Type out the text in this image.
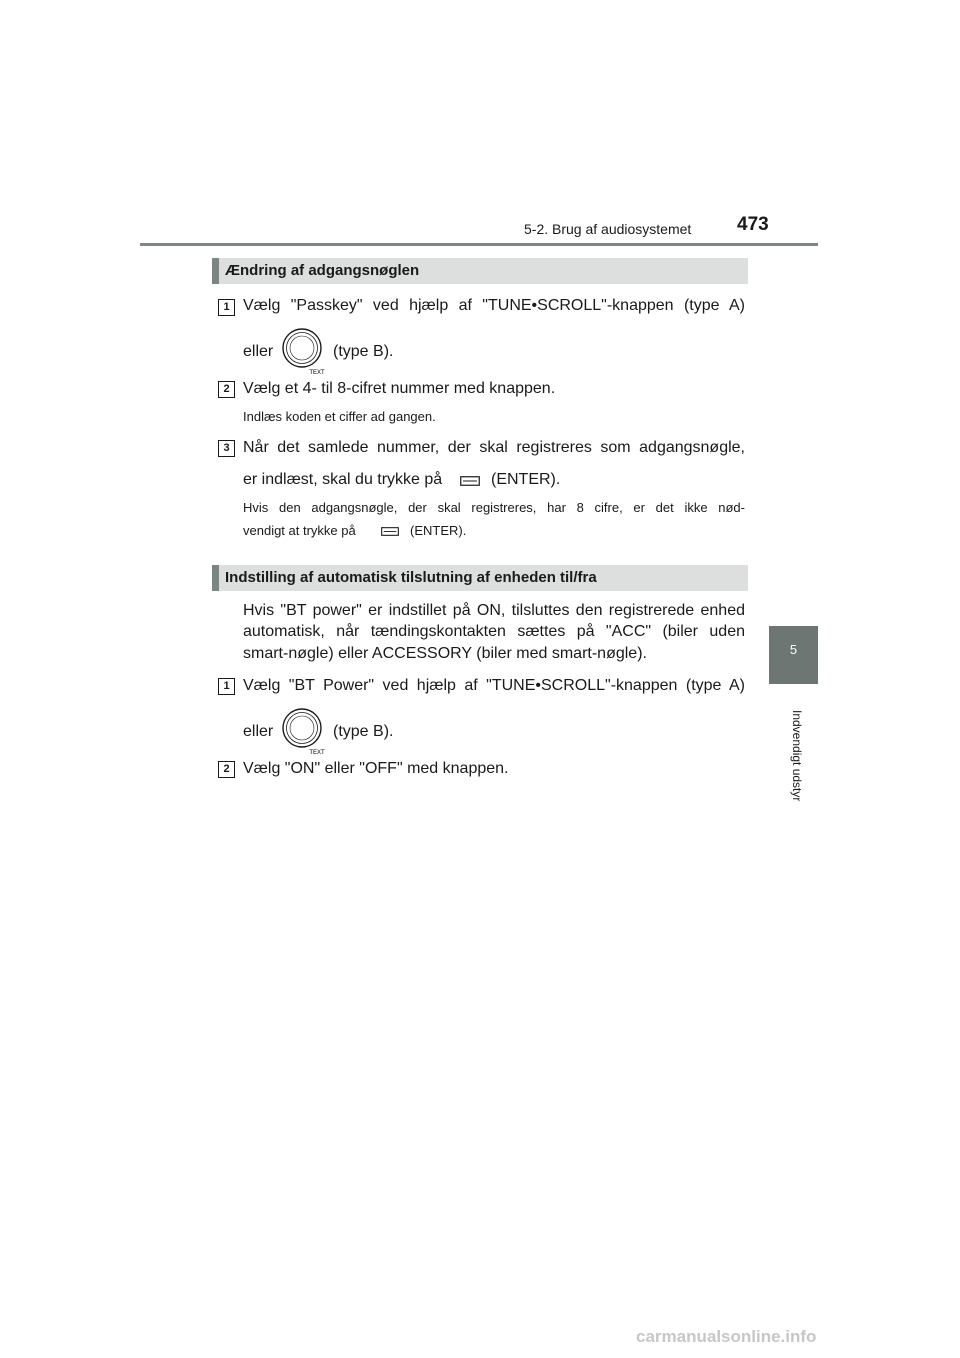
5-2. Brug af audiosystemet 473
5
Indvendigt udstyr
Ændring af adgangsnøglen
1 Vælg "Passkey" ved hjælp af "TUNE•SCROLL"-knappen (type A)
eller
TEXT
(type B).
2 Vælg et 4- til 8-cifret nummer med knappen.
Indlæs koden et ciffer ad gangen.
3 Når det samlede nummer, der skal registreres som adgangsnøgle,
er indlæst, skal du trykke på	(ENTER).
Hvis den adgangsnøgle, der skal registreres, har 8 cifre, er det ikke nød-
vendigt at trykke på	(ENTER).
Indstilling af automatisk tilslutning af enheden til/fra
Hvis "BT power" er indstillet på ON, tilsluttes den registrerede enhed
automatisk, når tændingskontakten sættes på "ACC" (biler uden
smart-nøgle) eller ACCESSORY (biler med smart-nøgle).
1 Vælg "BT Power" ved hjælp af "TUNE•SCROLL"-knappen (type A)
eller
TEXT
(type B).
2 Vælg "ON" eller "OFF" med knappen.
carmanualsonline.info
